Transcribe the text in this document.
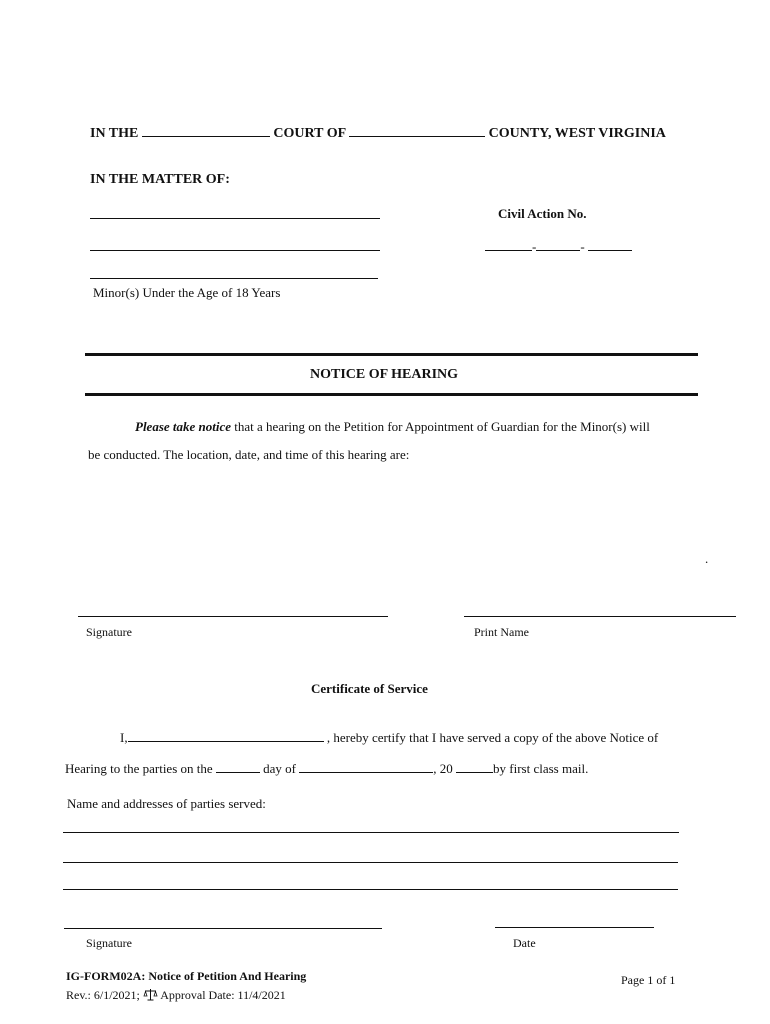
IN THE	COURT OF	COUNTY, WEST VIRGINIA
IN THE MATTER OF:
Minor(s) Under the Age of 18 Years
Civil Action No.
-	-
NOTICE OF HEARING
Please take notice that a hearing on the Petition for Appointment of Guardian for the Minor(s) will
be conducted. The location, date, and time of this hearing are:
.
Signature	Print Name
Certificate of Service
I,	, hereby certify that I have served a copy of the above Notice of
Hearing to the parties on the	day of	, 20	by first class mail.
Name and addresses of parties served:
Signature	Date
IG-FORM02A: Notice of Petition And Hearing
Rev.: 6/1/2021;  Approval Date: 11/4/2021
Page 1 of 1
